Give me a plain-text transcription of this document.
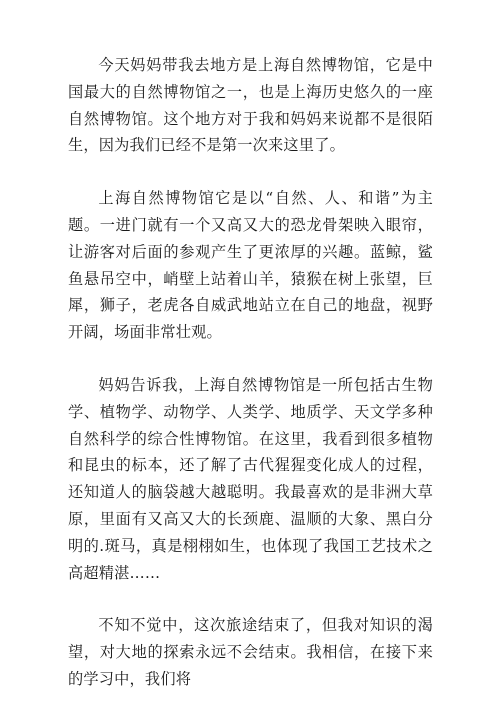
今天妈妈带我去地方是上海自然博物馆，它是中国最大的自然博物馆之一，也是上海历史悠久的一座自然博物馆。这个地方对于我和妈妈来说都不是很陌生，因为我们已经不是第一次来这里了。

上海自然博物馆它是以“自然、人、和谐”为主题。一进门就有一个又高又大的恐龙骨架映入眼帘，让游客对后面的参观产生了更浓厚的兴趣。蓝鲸，鲨鱼悬吊空中，峭壁上站着山羊，猿猴在树上张望，巨犀，狮子，老虎各自威武地站立在自己的地盘，视野开阔，场面非常壮观。

妈妈告诉我，上海自然博物馆是一所包括古生物学、植物学、动物学、人类学、地质学、天文学多种自然科学的综合性博物馆。在这里，我看到很多植物和昆虫的标本，还了解了古代猩猩变化成人的过程，还知道人的脑袋越大越聪明。我最喜欢的是非洲大草原，里面有又高又大的长颈鹿、温顺的大象、黑白分明的.斑马，真是栩栩如生，也体现了我国工艺技术之高超精湛……

不知不觉中，这次旅途结束了，但我对知识的渴望，对大地的探索永远不会结束。我相信，在接下来的学习中，我们将
